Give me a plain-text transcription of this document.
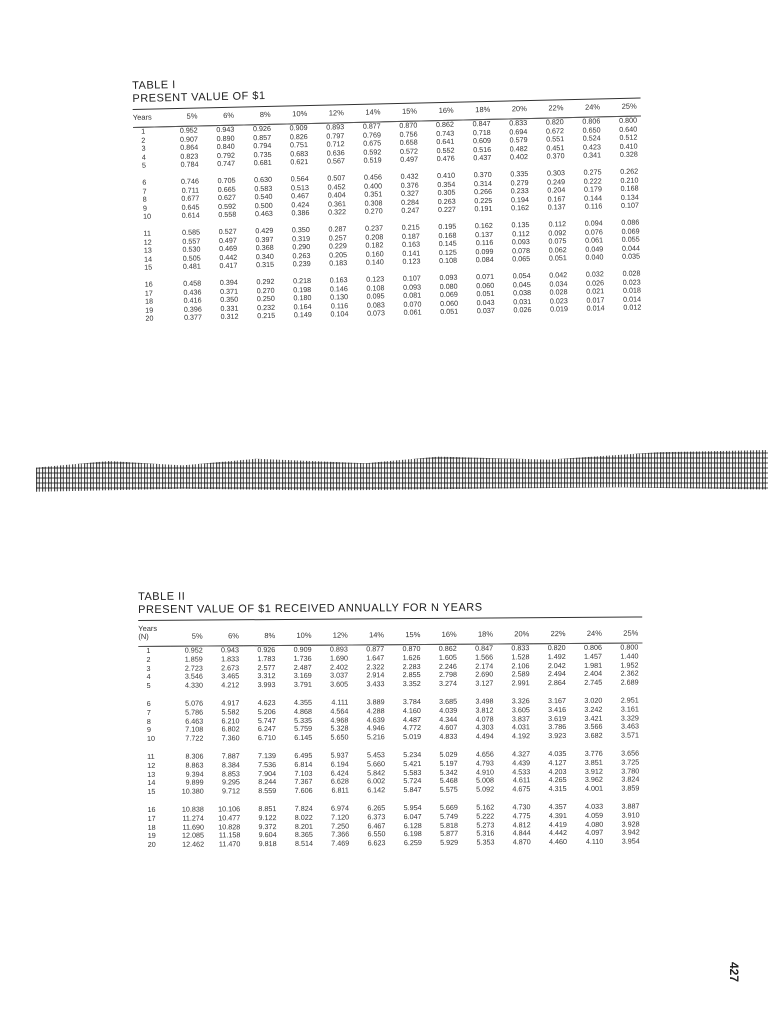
TABLE I
PRESENT VALUE OF $1
Years	5%	6%	8%	10%	12%	14%	15%	16%	18%	20%	22%	24%	25%
1	0.952	0.943	0.926	0.909	0.893	0.877	0.870	0.862	0.847	0.833	0.820	0.806	0.800
2	0.907	0.890	0.857	0.826	0.797	0.769	0.756	0.743	0.718	0.694	0.672	0.650	0.640
3	0.864	0.840	0.794	0.751	0.712	0.675	0.658	0.641	0.609	0.579	0.551	0.524	0.512
4	0.823	0.792	0.735	0.683	0.636	0.592	0.572	0.552	0.516	0.482	0.451	0.423	0.410
5	0.784	0.747	0.681	0.621	0.567	0.519	0.497	0.476	0.437	0.402	0.370	0.341	0.328
6	0.746	0.705	0.630	0.564	0.507	0.456	0.432	0.410	0.370	0.335	0.303	0.275	0.262
7	0.711	0.665	0.583	0.513	0.452	0.400	0.376	0.354	0.314	0.279	0.249	0.222	0.210
8	0.677	0.627	0.540	0.467	0.404	0.351	0.327	0.305	0.266	0.233	0.204	0.179	0.168
9	0.645	0.592	0.500	0.424	0.361	0.308	0.284	0.263	0.225	0.194	0.167	0.144	0.134
10	0.614	0.558	0.463	0.386	0.322	0.270	0.247	0.227	0.191	0.162	0.137	0.116	0.107
11	0.585	0.527	0.429	0.350	0.287	0.237	0.215	0.195	0.162	0.135	0.112	0.094	0.086
12	0.557	0.497	0.397	0.319	0.257	0.208	0.187	0.168	0.137	0.112	0.092	0.076	0.069
13	0.530	0.469	0.368	0.290	0.229	0.182	0.163	0.145	0.116	0.093	0.075	0.061	0.055
14	0.505	0.442	0.340	0.263	0.205	0.160	0.141	0.125	0.099	0.078	0.062	0.049	0.044
15	0.481	0.417	0.315	0.239	0.183	0.140	0.123	0.108	0.084	0.065	0.051	0.040	0.035
16	0.458	0.394	0.292	0.218	0.163	0.123	0.107	0.093	0.071	0.054	0.042	0.032	0.028
17	0.436	0.371	0.270	0.198	0.146	0.108	0.093	0.080	0.060	0.045	0.034	0.026	0.023
18	0.416	0.350	0.250	0.180	0.130	0.095	0.081	0.069	0.051	0.038	0.028	0.021	0.018
19	0.396	0.331	0.232	0.164	0.116	0.083	0.070	0.060	0.043	0.031	0.023	0.017	0.014
20	0.377	0.312	0.215	0.149	0.104	0.073	0.061	0.051	0.037	0.026	0.019	0.014	0.012
TABLE II
PRESENT VALUE OF $1 RECEIVED ANNUALLY FOR N YEARS
Years
(N)	5%	6%	8%	10%	12%	14%	15%	16%	18%	20%	22%	24%	25%
1	0.952	0.943	0.926	0.909	0.893	0.877	0.870	0.862	0.847	0.833	0.820	0.806	0.800
2	1.859	1.833	1.783	1.736	1.690	1.647	1.626	1.605	1.566	1.528	1.492	1.457	1.440
3	2.723	2.673	2.577	2.487	2.402	2.322	2.283	2.246	2.174	2.106	2.042	1.981	1.952
4	3.546	3.465	3.312	3.169	3.037	2.914	2.855	2.798	2.690	2.589	2.494	2.404	2.362
5	4.330	4.212	3.993	3.791	3.605	3.433	3.352	3.274	3.127	2.991	2.864	2.745	2.689
6	5.076	4.917	4.623	4.355	4.111	3.889	3.784	3.685	3.498	3.326	3.167	3.020	2.951
7	5.786	5.582	5.206	4.868	4.564	4.288	4.160	4.039	3.812	3.605	3.416	3.242	3.161
8	6.463	6.210	5.747	5.335	4.968	4.639	4.487	4.344	4.078	3.837	3.619	3.421	3.329
9	7.108	6.802	6.247	5.759	5.328	4.946	4.772	4.607	4.303	4.031	3.786	3.566	3.463
10	7.722	7.360	6.710	6.145	5.650	5.216	5.019	4.833	4.494	4.192	3.923	3.682	3.571
11	8.306	7.887	7.139	6.495	5.937	5.453	5.234	5.029	4.656	4.327	4.035	3.776	3.656
12	8.863	8.384	7.536	6.814	6.194	5.660	5.421	5.197	4.793	4.439	4.127	3.851	3.725
13	9.394	8.853	7.904	7.103	6.424	5.842	5.583	5.342	4.910	4.533	4.203	3.912	3.780
14	9.899	9.295	8.244	7.367	6.628	6.002	5.724	5.468	5.008	4.611	4.265	3.962	3.824
15	10.380	9.712	8.559	7.606	6.811	6.142	5.847	5.575	5.092	4.675	4.315	4.001	3.859
16	10.838	10.106	8.851	7.824	6.974	6.265	5.954	5.669	5.162	4.730	4.357	4.033	3.887
17	11.274	10.477	9.122	8.022	7.120	6.373	6.047	5.749	5.222	4.775	4.391	4.059	3.910
18	11.690	10.828	9.372	8.201	7.250	6.467	6.128	5.818	5.273	4.812	4.419	4.080	3.928
19	12.085	11.158	9.604	8.365	7.366	6.550	6.198	5.877	5.316	4.844	4.442	4.097	3.942
20	12.462	11.470	9.818	8.514	7.469	6.623	6.259	5.929	5.353	4.870	4.460	4.110	3.954
427
